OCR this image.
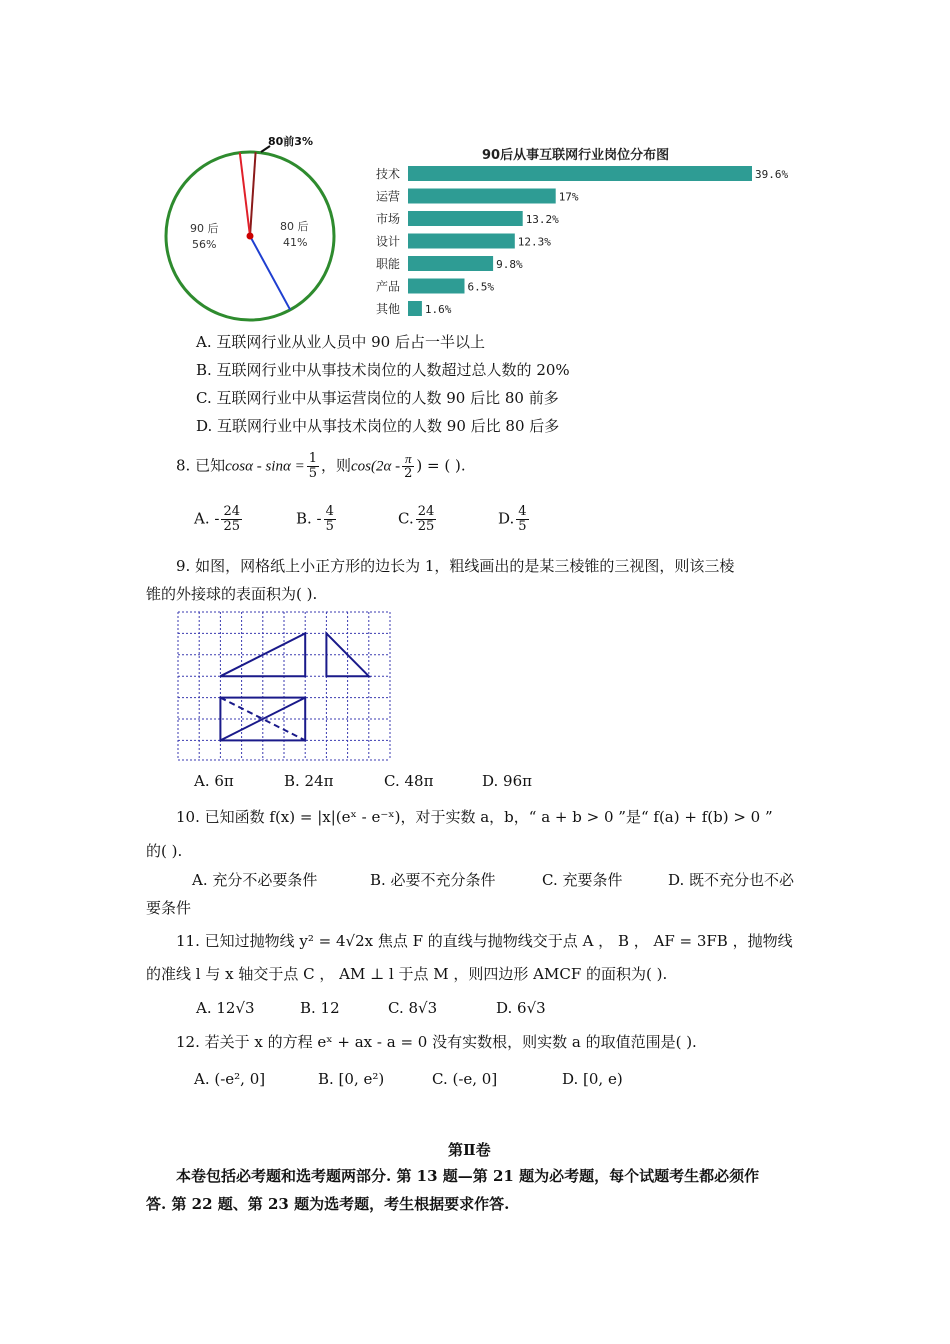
80前3%
90 后
56%
80 后
41%
90后从事互联网行业岗位分布图
技术	39.6%
运营	17%
市场	13.2%
设计	12.3%
职能	9.8%
产品	6.5%
其他 1.6%
A. 互联网行业从业人员中 90 后占一半以上
B. 互联网行业中从事技术岗位的人数超过总人数的 20%
C. 互联网行业中从事运营岗位的人数 90 后比 80 前多
D. 互联网行业中从事技术岗位的人数 90 后比 80 后多
8. 已知$\cos\alpha - \sin\alpha = \frac{1}{5}$ ，则$\cos(2\alpha - \frac{\pi}{2}$ ) = ( ).
A. - $\frac{24}{25}$	B. - $\frac{4}{5}$	C. $\frac{24}{25}$	D. $\frac{4}{5}$
9. 如图，网格纸上小正方形的边长为 1，粗线画出的是某三棱锥的三视图，则该三棱
锥的外接球的表面积为( ).
A. 6π	B. 24π	C. 48π	D. 96π
10. 已知函数 f(x) = |x|(eˣ - e⁻ˣ)，对于实数 a，b，“ a + b > 0 ”是“ f(a) + f(b) > 0 ”
的( ).
A. 充分不必要条件	B. 必要不充分条件	C. 充要条件	D. 既不充分也不必
要条件
11. 已知过抛物线 y² = 4√2x 焦点 F 的直线与抛物线交于点 A ， B ， AF = 3FB ，抛物线
的准线 l 与 x 轴交于点 C ， AM ⊥ l 于点 M ，则四边形 AMCF 的面积为( ).
A. 12√3	B. 12	C. 8√3	D. 6√3
12. 若关于 x 的方程 eˣ + ax - a = 0 没有实数根，则实数 a 的取值范围是( ).
A. (-e², 0]	B. [0, e²)	C. (-e, 0]	D. [0, e)
第Ⅱ卷
本卷包括必考题和选考题两部分. 第 13 题—第 21 题为必考题，每个试题考生都必须作
答. 第 22 题、第 23 题为选考题，考生根据要求作答.
